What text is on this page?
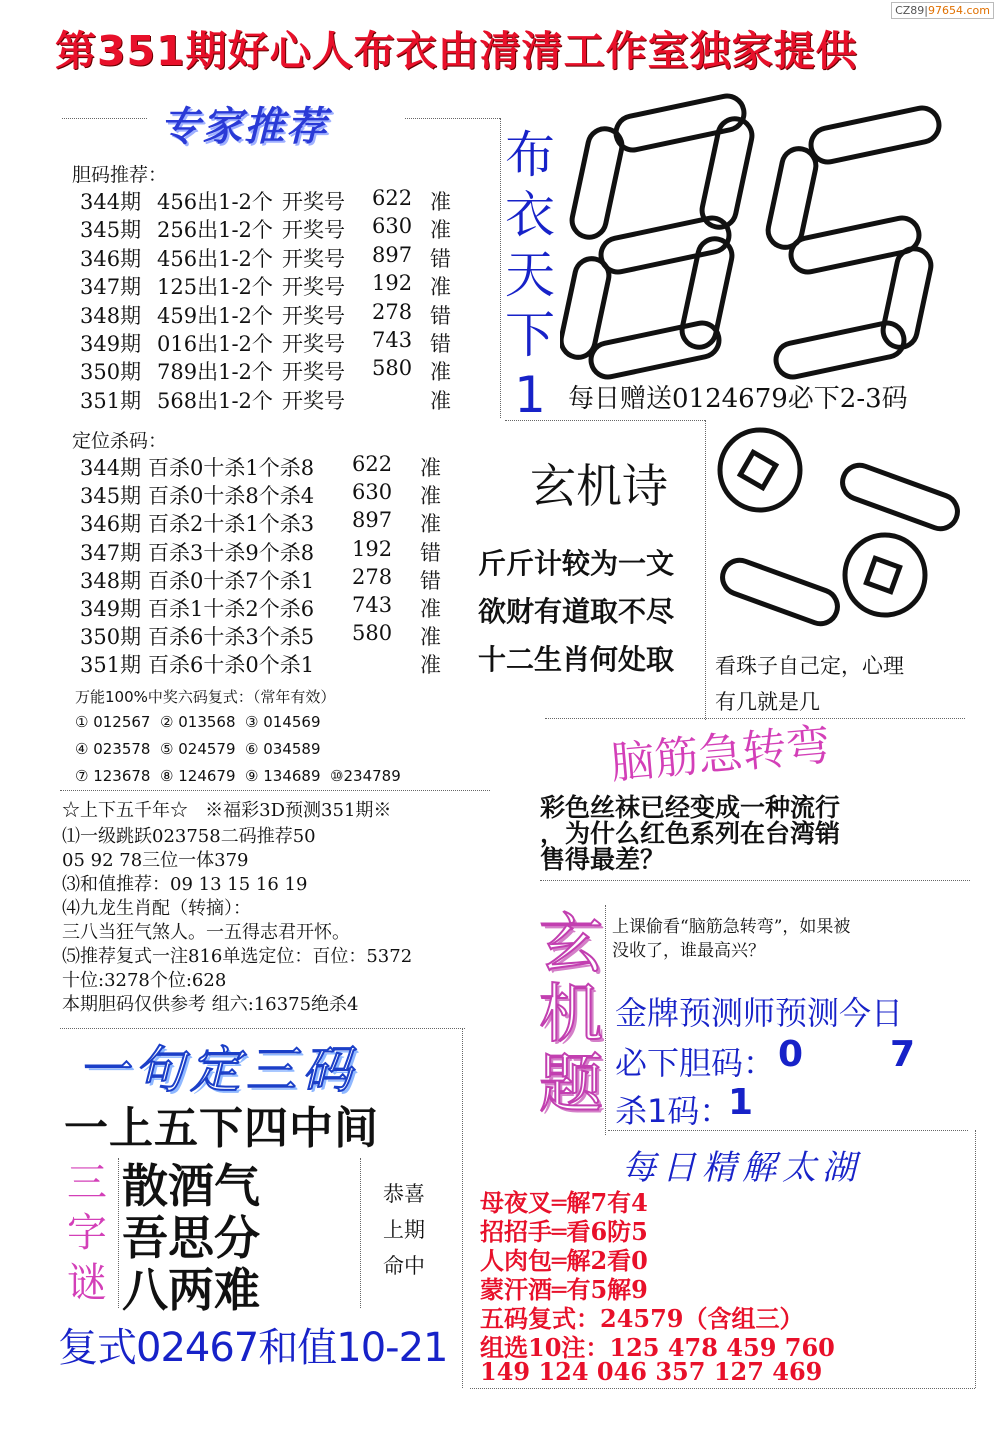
第351期好心人布衣由清清工作室独家提供
CZ89|97654.com
专家推荐
胆码推荐：
344期 456出1-2个 开奖号 622 准
345期 256出1-2个 开奖号 630 准
346期 456出1-2个 开奖号 897 错
347期 125出1-2个 开奖号 192 准
348期 459出1-2个 开奖号 278 错
349期 016出1-2个 开奖号 743 错
350期 789出1-2个 开奖号 580 准
351期 568出1-2个 开奖号	准
定位杀码：
344期 百杀0十杀1个杀8 622 准
345期 百杀0十杀8个杀4 630 准
346期 百杀2十杀1个杀3 897 准
347期 百杀3十杀9个杀8 192 错
348期 百杀0十杀7个杀1 278 错
349期 百杀1十杀2个杀6 743 准
350期 百杀6十杀3个杀5 580 准
351期 百杀6十杀0个杀1	准
万能100%中奖六码复式：（常年有效）
① 012567  ② 013568  ③ 014569
④ 023578  ⑤ 024579  ⑥ 034589
⑦ 123678  ⑧ 124679  ⑨ 134689  ⑩234789
布
衣
天
下
1 每日赠送0124679必下2-3码
玄机诗
斤斤计较为一文
欲财有道取不尽
十二生肖何处取 看珠子自己定，心理
有几就是几
☆上下五千年☆   ※福彩3D预测351期※
⑴一级跳跃023758二码推荐50
05 92 78三位一体379
⑶和值推荐：09 13 15 16 19
⑷九龙生肖配（转摘）：
三八当狂气煞人。一五得志君开怀。
⑸推荐复式一注816单选定位：百位：5372
十位:3278个位:628
本期胆码仅供参考 组六:16375绝杀4
脑筋急转弯
彩色丝袜已经变成一种流行
，为什么红色系列在台湾销
售得最差？
上课偷看“脑筋急转弯”，如果被
没收了，谁最高兴？
玄
机
题
金牌预测师预测今日
必下胆码： 0 7
杀1码：
1
每日精解太湖
母夜叉═解7有4
招招手═看6防5
人肉包═解2看0
蒙汗酒═有5解9
五码复式：24579（含组三）
组选10注：125 478 459 760
149 124 046 357 127 469
一句定三码
一上五下四中间
三
字
谜
散酒气
吾思分
八两难
恭喜
上期
命中
复式02467和值10-21
